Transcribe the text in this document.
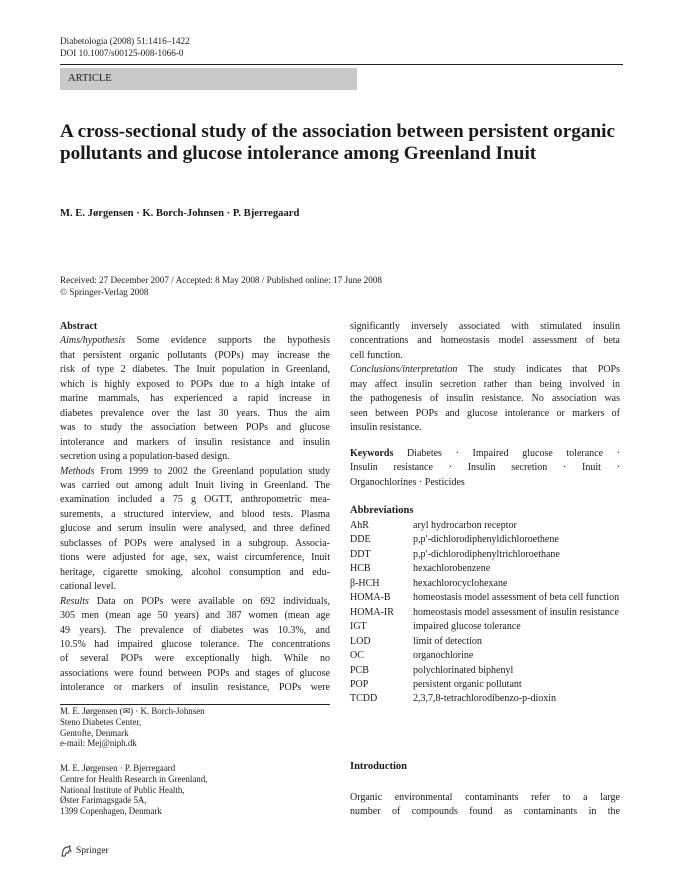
Diabetologia (2008) 51:1416–1422
DOI 10.1007/s00125-008-1066-0
ARTICLE
A cross-sectional study of the association between persistent organic pollutants and glucose intolerance among Greenland Inuit
M. E. Jørgensen · K. Borch-Johnsen · P. Bjerregaard
Received: 27 December 2007 / Accepted: 8 May 2008 / Published online: 17 June 2008
© Springer-Verlag 2008

Abstract

Aims/hypothesis Some evidence supports the hypothesis
that persistent organic pollutants (POPs) may increase the
risk of type 2 diabetes. The Inuit population in Greenland,
which is highly exposed to POPs due to a high intake of
marine mammals, has experienced a rapid increase in
diabetes prevalence over the last 30 years. Thus the aim
was to study the association between POPs and glucose
intolerance and markers of insulin resistance and insulin
secretion using a population-based design.
Methods From 1999 to 2002 the Greenland population study
was carried out among adult Inuit living in Greenland. The
examination included a 75 g OGTT, anthropometric mea-
surements, a structured interview, and blood tests. Plasma
glucose and serum insulin were analysed, and three defined
subclasses of POPs were analysed in a subgroup. Associa-
tions were adjusted for age, sex, waist circumference, Inuit
heritage, cigarette smoking, alcohol consumption and edu-
cational level.
Results Data on POPs were available on 692 individuals,
305 men (mean age 50 years) and 387 women (mean age
49 years). The prevalence of diabetes was 10.3%, and
10.5% had impaired glucose tolerance. The concentrations
of several POPs were exceptionally high. While no
associations were found between POPs and stages of glucose
intolerance or markers of insulin resistance, POPs were
M. E. Jørgensen (✉) · K. Borch-Johnsen
Steno Diabetes Center,
Gentofte, Denmark
e-mail: Mej@niph.dk
M. E. Jørgensen · P. Bjerregaard
Centre for Health Research in Greenland,
National Institute of Public Health,
Øster Farimagsgade 5A,
1399 Copenhagen, Denmark
significantly inversely associated with stimulated insulin
concentrations and homeostasis model assessment of beta
cell function.
Conclusions/interpretation The study indicates that POPs
may affect insulin secretion rather than being involved in
the pathogenesis of insulin resistance. No association was
seen between POPs and glucose intolerance or markers of
insulin resistance.
Keywords Diabetes · Impaired glucose tolerance ·
Insulin resistance · Insulin secretion · Inuit ·
Organochlorines · Pesticides

Abbreviations

AhR	aryl hydrocarbon receptor
DDE	p,p′-dichlorodiphenyldichloroethene
DDT	p,p′-dichlorodiphenyltrichloroethane
HCB	hexachlorobenzene
β-HCH	hexachlorocyclohexane
HOMA-B	homeostasis model assessment of beta cell function
HOMA-IR	homeostasis model assessment of insulin resistance
IGT	impaired glucose tolerance
LOD	limit of detection
OC	organochlorine
PCB	polychlorinated biphenyl
POP	persistent organic pollutant
TCDD	2,3,7,8-tetrachlorodibenzo-p-dioxin
Introduction
Organic environmental contaminants refer to a large
number of compounds found as contaminants in the
Springer
